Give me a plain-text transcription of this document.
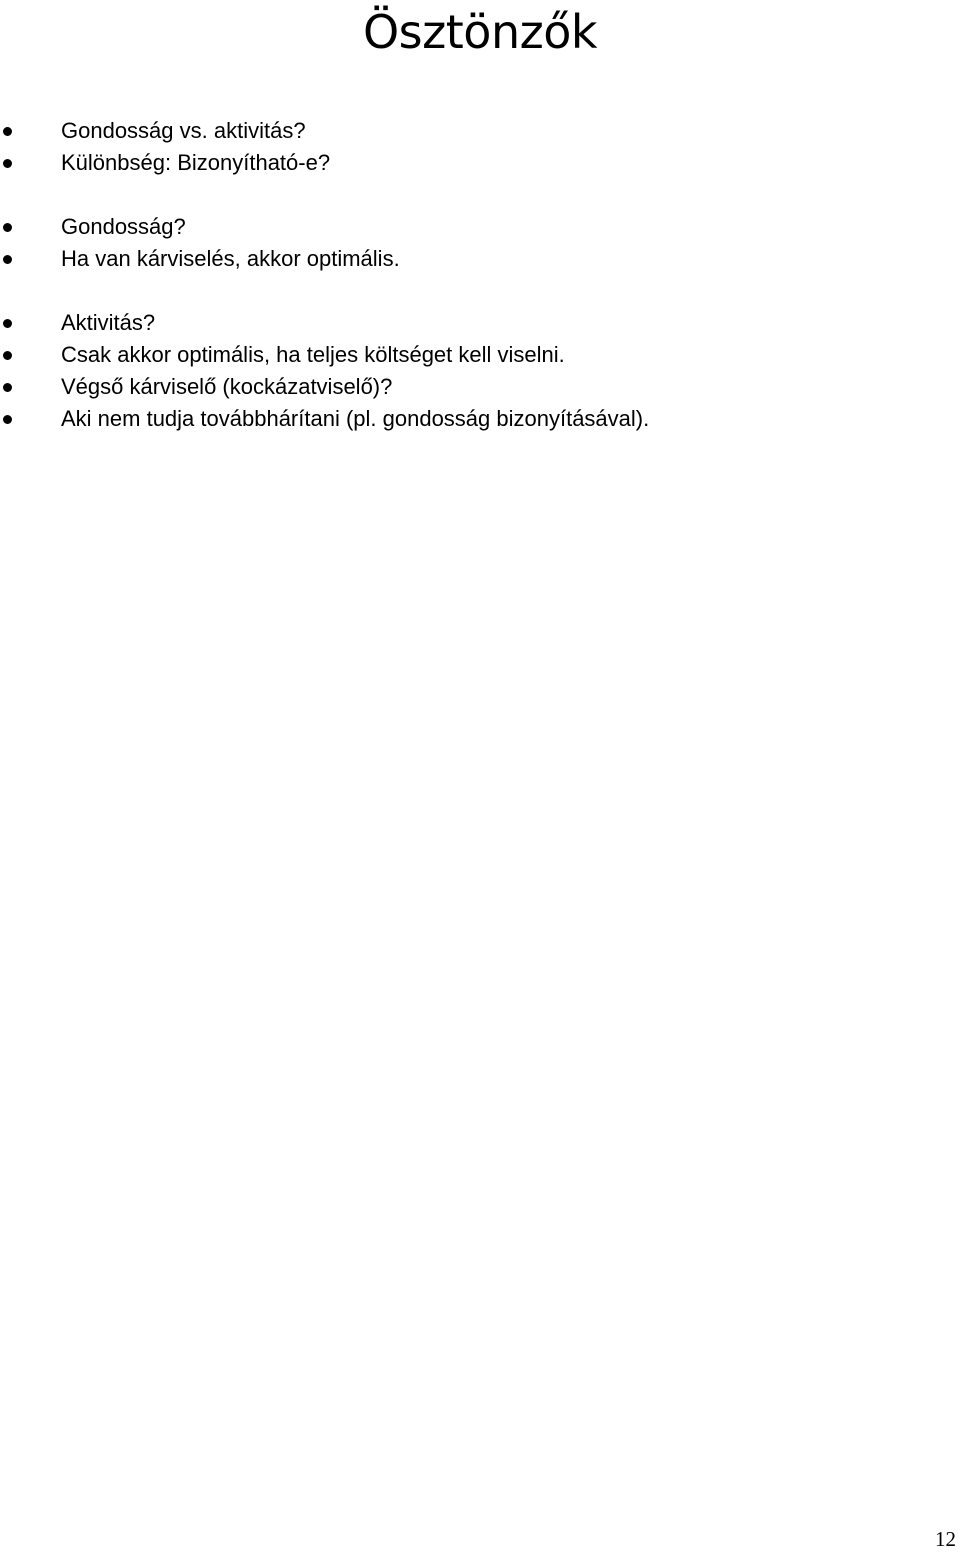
Ösztönzők
Gondosság vs. aktivitás?
Különbség: Bizonyítható-e?
Gondosság?
Ha van kárviselés, akkor optimális.
Aktivitás?
Csak akkor optimális, ha teljes költséget kell viselni.
Végső kárviselő (kockázatviselő)?
Aki nem tudja továbbhárítani (pl. gondosság bizonyításával).
12
